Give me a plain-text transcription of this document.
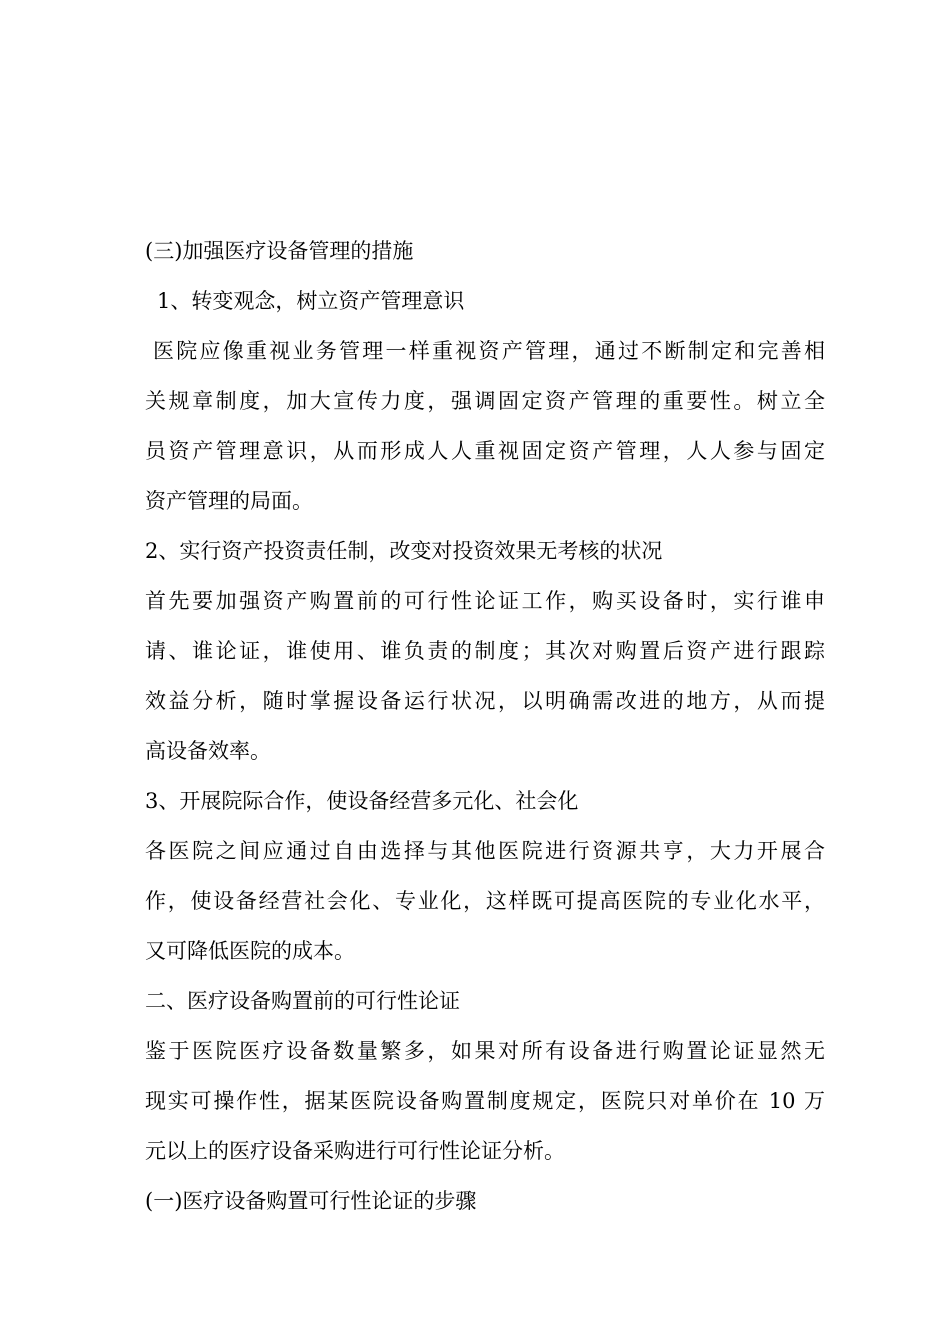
(三)加强医疗设备管理的措施
1、转变观念，树立资产管理意识
医院应像重视业务管理一样重视资产管理，通过不断制定和完善相
关规章制度，加大宣传力度，强调固定资产管理的重要性。树立全
员资产管理意识，从而形成人人重视固定资产管理，人人参与固定
资产管理的局面。
2、实行资产投资责任制，改变对投资效果无考核的状况
首先要加强资产购置前的可行性论证工作，购买设备时，实行谁申
请、谁论证，谁使用、谁负责的制度；其次对购置后资产进行跟踪
效益分析，随时掌握设备运行状况，以明确需改进的地方，从而提
高设备效率。
3、开展院际合作，使设备经营多元化、社会化
各医院之间应通过自由选择与其他医院进行资源共亨，大力开展合
作，使设备经营社会化、专业化，这样既可提高医院的专业化水平，
又可降低医院的成本。
二、医疗设备购置前的可行性论证
鉴于医院医疗设备数量繁多，如果对所有设备进行购置论证显然无
现实可操作性，据某医院设备购置制度规定，医院只对单价在 10 万
元以上的医疗设备采购进行可行性论证分析。
(一)医疗设备购置可行性论证的步骤
